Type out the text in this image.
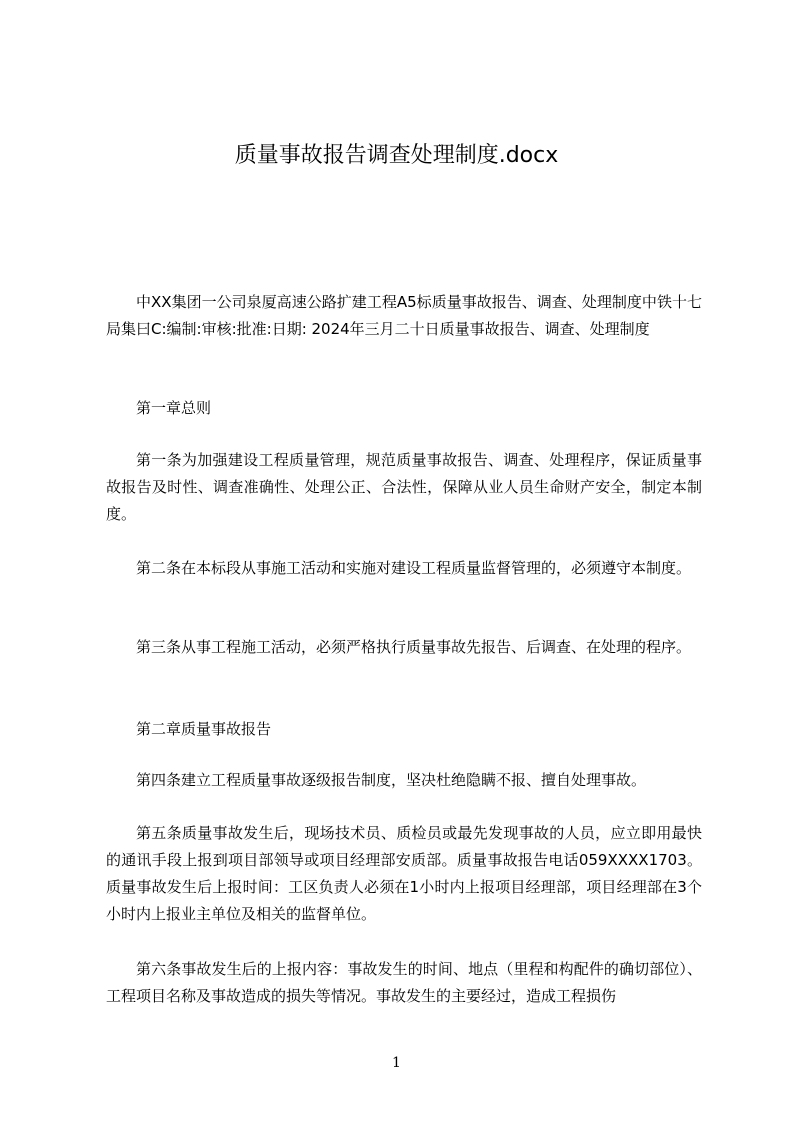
质量事故报告调查处理制度.docx

中XX集团一公司泉厦高速公路扩建工程A5标质量事故报告、调查、处理制度中铁十七局集曰C:编制:审核:批准:日期: 2024年三月二十日质量事故报告、调查、处理制度

第一章总则

第一条为加强建设工程质量管理，规范质量事故报告、调查、处理程序，保证质量事故报告及时性、调查准确性、处理公正、合法性，保障从业人员生命财产安全，制定本制度。

第二条在本标段从事施工活动和实施对建设工程质量监督管理的，必须遵守本制度。

第三条从事工程施工活动，必须严格执行质量事故先报告、后调查、在处理的程序。

第二章质量事故报告

第四条建立工程质量事故逐级报告制度，坚决杜绝隐瞒不报、擅自处理事故。

第五条质量事故发生后，现场技术员、质检员或最先发现事故的人员，应立即用最快的通讯手段上报到项目部领导或项目经理部安质部。质量事故报告电话059XXXX1703。质量事故发生后上报时间：工区负责人必须在1小时内上报项目经理部，项目经理部在3个小时内上报业主单位及相关的监督单位。

第六条事故发生后的上报内容：事故发生的时间、地点（里程和构配件的确切部位）、工程项目名称及事故造成的损失等情况。事故发生的主要经过，造成工程损伤

1
